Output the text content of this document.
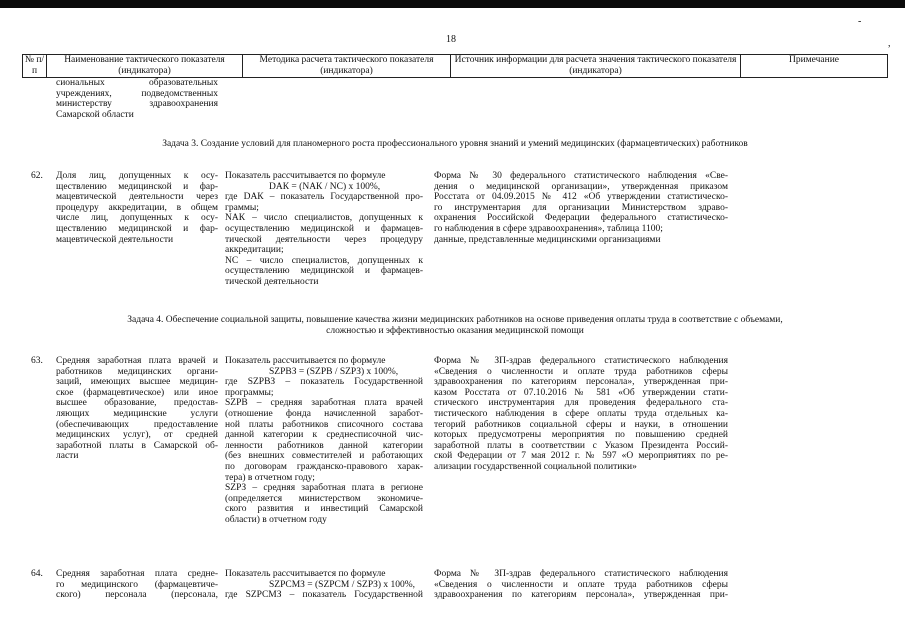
-
,
18
№ п/п
Наименование тактического показателя (индикатора)
Методика расчета тактического показателя (индикатора)
Источник информации для расчета значения тактического показателя (индикатора)
Примечание
сиональных образовательных
учреждениях, подведомственных
министерству здравоохранения
Самарской области
Задача 3. Создание условий для планомерного роста профессионального уровня знаний и умений медицинских (фармацевтических) работников
62. Доля лиц, допущенных к осу-
ществлению медицинской и фар-
мацевтической деятельности через
процедуру аккредитации, в общем
числе лиц, допущенных к осу-
ществлению медицинской и фар-
мацевтической деятельности
Показатель рассчитывается по формуле
DАК = (NАК / NС) x 100%,
где DАК – показатель Государственной про-
граммы;
NАК – число специалистов, допущенных к
осуществлению медицинской и фармацев-
тической деятельности через процедуру
аккредитации;
NС – число специалистов, допущенных к
осуществлению медицинской и фармацев-
тической деятельности
Форма № 30 федерального статистического наблюдения «Све-
дения о медицинской организации», утвержденная приказом
Росстата от 04.09.2015 № 412 «Об утверждении статистическо-
го инструментария для организации Министерством здраво-
охранения Российской Федерации федерального статистическо-
го наблюдения в сфере здравоохранения», таблица 1100;
данные, представленные медицинскими организациями
Задача 4. Обеспечение социальной защиты, повышение качества жизни медицинских работников на основе приведения оплаты труда в соответствие с объемами,
сложностью и эффективностью оказания медицинской помощи
63. Средняя заработная плата врачей и
работников медицинских органи-
заций, имеющих высшее медицин-
ское (фармацевтическое) или иное
высшее образование, предостав-
ляющих медицинские услуги
(обеспечивающих предоставление
медицинских услуг), от средней
заработной платы в Самарской об-
ласти
Показатель рассчитывается по формуле
SZPВЗ = (SZPВ / SZPЗ) x 100%,
где SZPВЗ – показатель Государственной
программы;
SZPВ – средняя заработная плата врачей
(отношение фонда начисленной заработ-
ной платы работников списочного состава
данной категории к среднесписочной чис-
ленности работников данной категории
(без внешних совместителей и работающих
по договорам гражданско-правового харак-
тера) в отчетном году;
SZPЗ – средняя заработная плата в регионе
(определяется министерством экономиче-
ского развития и инвестиций Самарской
области) в отчетном году
Форма № ЗП-здрав федерального статистического наблюдения
«Сведения о численности и оплате труда работников сферы
здравоохранения по категориям персонала», утвержденная при-
казом Росстата от 07.10.2016 № 581 «Об утверждении стати-
стического инструментария для проведения федерального ста-
тистического наблюдения в сфере оплаты труда отдельных ка-
тегорий работников социальной сферы и науки, в отношении
которых предусмотрены мероприятия по повышению средней
заработной платы в соответствии с Указом Президента Россий-
ской Федерации от 7 мая 2012 г. № 597 «О мероприятиях по ре-
ализации государственной социальной политики»
64. Средняя заработная плата средне-
го медицинского (фармацевтиче-
ского) персонала (персонала,
Показатель рассчитывается по формуле
SZPСМЗ = (SZPСМ / SZPЗ) x 100%,
где SZPСМЗ – показатель Государственной
Форма № ЗП-здрав федерального статистического наблюдения
«Сведения о численности и оплате труда работников сферы
здравоохранения по категориям персонала», утвержденная при-
